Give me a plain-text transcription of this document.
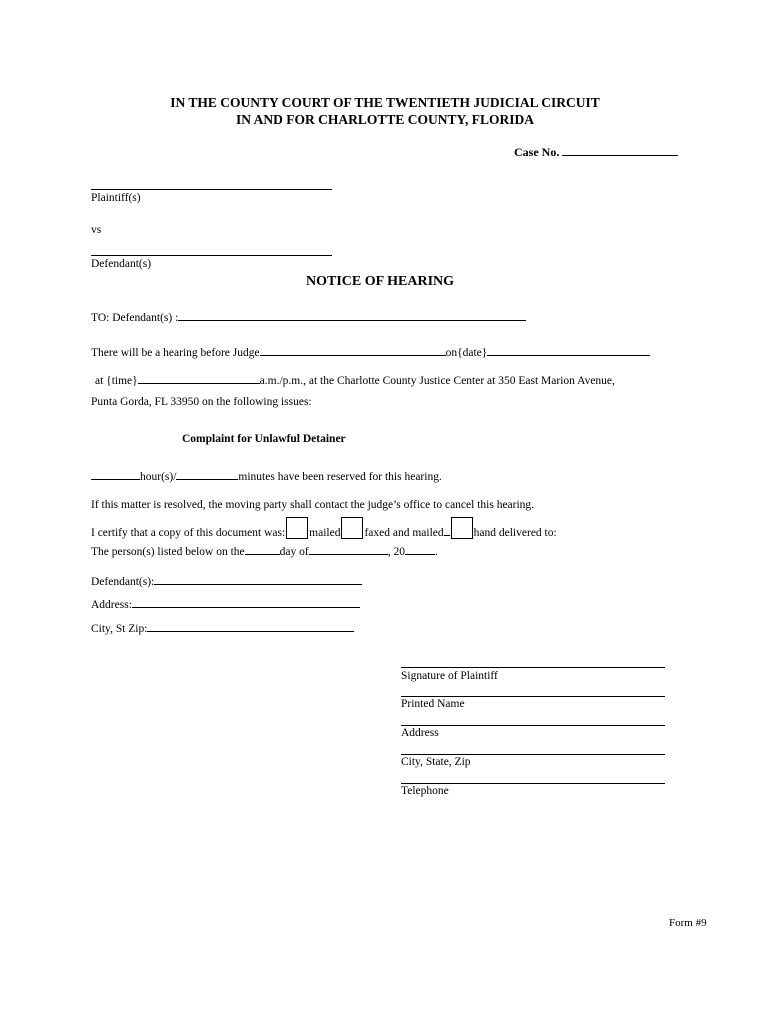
IN THE COUNTY COURT OF THE TWENTIETH JUDICIAL CIRCUIT
IN AND FOR CHARLOTTE COUNTY, FLORIDA
Case No.
Plaintiff(s)
vs
Defendant(s)
NOTICE OF HEARING
TO: Defendant(s) :
There will be a hearing before Judge	on{date}
at {time}	a.m./p.m., at the Charlotte County Justice Center at 350 East Marion Avenue,
Punta Gorda, FL 33950 on the following issues:
Complaint for Unlawful Detainer
hour(s)/	minutes have been reserved for this hearing.
If this matter is resolved, the moving party shall contact the judge’s office to cancel this hearing.
I certify that a copy of this document was: mailed faxed and mailed	hand delivered to:
The person(s) listed below on the	day of	, 20	.
Defendant(s):
Address:
City, St Zip:
Signature of Plaintiff
Printed Name
Address
City, State, Zip
Telephone
Form #9
